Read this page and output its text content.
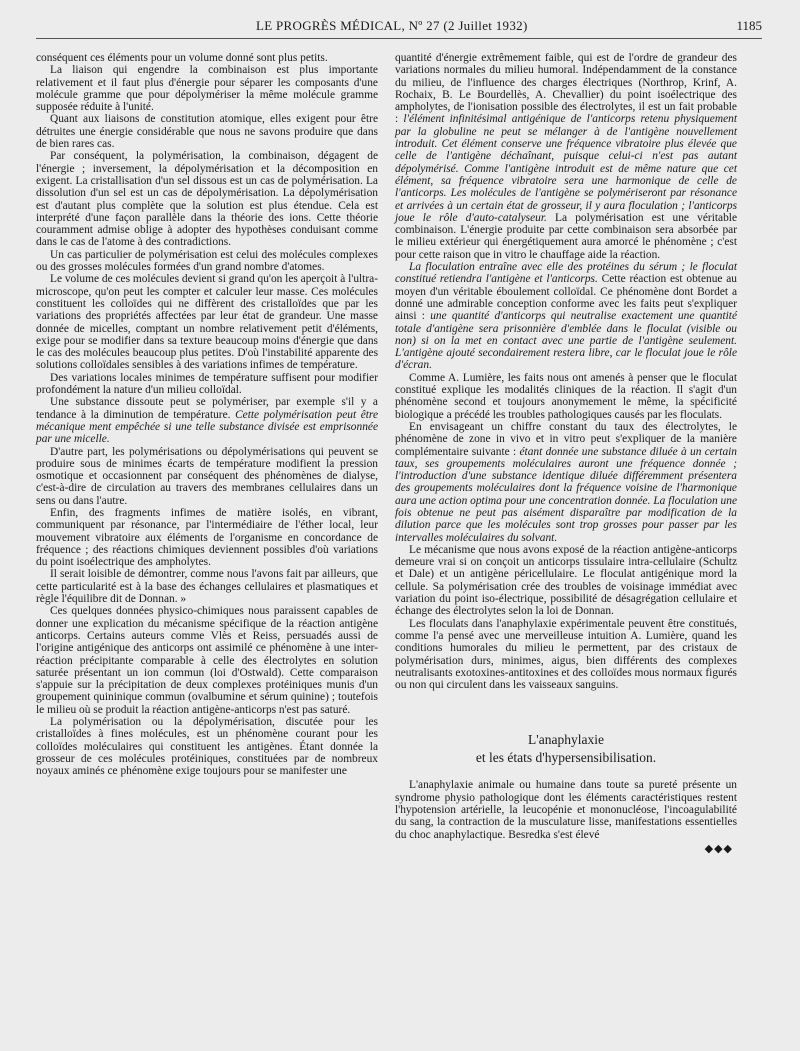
LE PROGRÈS MÉDICAL, Nº 27 (2 Juillet 1932)	1185

conséquent ces éléments pour un volume donné sont plus petits.

La liaison qui engendre la combinaison est plus importante relativement et il faut plus d'énergie pour séparer les composants d'une molécule gramme que pour dépolymériser la même molécule gramme supposée réduite à l'unité.

Quant aux liaisons de constitution atomique, elles exigent pour être détruites une énergie considérable que nous ne savons produire que dans de bien rares cas.

Par conséquent, la polymérisation, la combinaison, dégagent de l'énergie ; inversement, la dépolymérisation et la décomposition en exigent. La cristallisation d'un sel dissous est un cas de polymérisation. La dissolution d'un sel est un cas de dépolymérisation. La dépolymérisation est d'autant plus complète que la solution est plus étendue. Cela est interprété d'une façon parallèle dans la théorie des ions. Cette théorie couramment admise oblige à adopter des hypothèses conduisant comme dans le cas de l'atome à des contradictions.

Un cas particulier de polymérisation est celui des molécules complexes ou des grosses molécules formées d'un grand nombre d'atomes.

Le volume de ces molécules devient si grand qu'on les aperçoit à l'ultra-microscope, qu'on peut les compter et calculer leur masse. Ces molécules constituent les colloïdes qui ne diffèrent des cristalloïdes que par les variations des propriétés affectées par leur état de grandeur. Une masse donnée de micelles, comptant un nombre relativement petit d'éléments, exige pour se modifier dans sa texture beaucoup moins d'énergie que dans le cas des molécules beaucoup plus petites. D'où l'instabilité apparente des solutions colloïdales sensibles à des variations infimes de température.

Des variations locales minimes de température suffisent pour modifier profondément la nature d'un milieu colloïdal.

Une substance dissoute peut se polymériser, par exemple s'il y a tendance à la diminution de température. Cette polymérisation peut être mécanique ment empêchée si une telle substance divisée est emprisonnée par une micelle.

D'autre part, les polymérisations ou dépolymérisations qui peuvent se produire sous de minimes écarts de température modifient la pression osmotique et occasionnent par conséquent des phénomènes de dialyse, c'est-à-dire de circulation au travers des membranes cellulaires dans un sens ou dans l'autre.

Enfin, des fragments infimes de matière isolés, en vibrant, communiquent par résonance, par l'intermédiaire de l'éther local, leur mouvement vibratoire aux éléments de l'organisme en concordance de fréquence ; des réactions chimiques deviennent possibles d'où variations du point isoélectrique des ampholytes.

Il serait loisible de démontrer, comme nous l'avons fait par ailleurs, que cette particularité est à la base des échanges cellulaires et plasmatiques et règle l'équilibre dit de Donnan. »

Ces quelques données physico-chimiques nous paraissent capables de donner une explication du mécanisme spécifique de la réaction antigène anticorps. Certains auteurs comme Vlès et Reiss, persuadés aussi de l'origine antigénique des anticorps ont assimilé ce phénomène à une inter-réaction précipitante comparable à celle des électrolytes en solution saturée présentant un ion commun (loi d'Ostwald). Cette comparaison s'appuie sur la précipitation de deux complexes protéiniques munis d'un groupement quininique commun (ovalbumine et sérum quinine) ; toutefois le milieu où se produit la réaction antigène-anticorps n'est pas saturé.

La polymérisation ou la dépolymérisation, discutée pour les cristalloïdes à fines molécules, est un phénomène courant pour les colloïdes moléculaires qui constituent les antigènes. Étant donnée la grosseur de ces molécules protéiniques, constituées par de nombreux noyaux aminés ce phénomène exige toujours pour se manifester une

quantité d'énergie extrêmement faible, qui est de l'ordre de grandeur des variations normales du milieu humoral. Indépendamment de la constance du milieu, de l'influence des charges électriques (Northrop, Krinf, A. Rochaix, B. Le Bourdellès, A. Chevallier) du point isoélectrique des ampholytes, de l'ionisation possible des électrolytes, il est un fait probable : l'élément infinitésimal antigénique de l'anticorps retenu physiquement par la globuline ne peut se mélanger à de l'antigène nouvellement introduit. Cet élément conserve une fréquence vibratoire plus élevée que celle de l'antigène déchaînant, puisque celui-ci n'est pas autant dépolymérisé. Comme l'antigène introduit est de même nature que cet élément, sa fréquence vibratoire sera une harmonique de celle de l'anticorps. Les molécules de l'antigène se polymériseront par résonance et arrivées à un certain état de grosseur, il y aura floculation ; l'anticorps joue le rôle d'auto-catalyseur. La polymérisation est une véritable combinaison. L'énergie produite par cette combinaison sera absorbée par le milieu extérieur qui énergétiquement aura amorcé le phénomène ; c'est pour cette raison que in vitro le chauffage aide la réaction.

La floculation entraîne avec elle des protéines du sérum ; le floculat constitué retiendra l'antigène et l'anticorps. Cette réaction est obtenue au moyen d'un véritable éboulement colloïdal. Ce phénomène dont Bordet a donné une admirable conception conforme avec les faits peut s'expliquer ainsi : une quantité d'anticorps qui neutralise exactement une quantité totale d'antigène sera prisonnière d'emblée dans le floculat (visible ou non) si on la met en contact avec une partie de l'antigène seulement. L'antigène ajouté secondairement restera libre, car le floculat joue le rôle d'écran.

Comme A. Lumière, les faits nous ont amenés à penser que le floculat constitué explique les modalités cliniques de la réaction. Il s'agit d'un phénomène second et toujours anonymement le même, la spécificité biologique a précédé les troubles pathologiques causés par les floculats.

En envisageant un chiffre constant du taux des électrolytes, le phénomène de zone in vivo et in vitro peut s'expliquer de la manière complémentaire suivante : étant donnée une substance diluée à un certain taux, ses groupements moléculaires auront une fréquence donnée ; l'introduction d'une substance identique diluée différemment présentera des groupements moléculaires dont la fréquence voisine de l'harmonique aura une action optima pour une concentration donnée. La floculation une fois obtenue ne peut pas aisément disparaître par modification de la dilution parce que les molécules sont trop grosses pour passer par les intervalles moléculaires du solvant.

Le mécanisme que nous avons exposé de la réaction antigène-anticorps demeure vrai si on conçoit un anticorps tissulaire intra-cellulaire (Schultz et Dale) et un antigène péricellulaire. Le floculat antigénique mord la cellule. Sa polymérisation crée des troubles de voisinage immédiat avec variation du point iso-électrique, possibilité de désagrégation cellulaire et échange des électrolytes selon la loi de Donnan.

Les floculats dans l'anaphylaxie expérimentale peuvent être constitués, comme l'a pensé avec une merveilleuse intuition A. Lumière, quand les conditions humorales du milieu le permettent, par des cristaux de polymérisation durs, minimes, aigus, bien différents des complexes neutralisants exotoxines-antitoxines et des colloïdes mous normaux figurés ou non qui circulent dans les vaisseaux sanguins.

L'anaphylaxie
et les états d'hypersensibilisation.

L'anaphylaxie animale ou humaine dans toute sa pureté présente un syndrome physio pathologique dont les éléments caractéristiques restent l'hypotension artérielle, la leucopénie et mononucléose, l'incoagulabilité du sang, la contraction de la musculature lisse, manifestations essentielles du choc anaphylactique. Besredka s'est élevé

◆◆◆
